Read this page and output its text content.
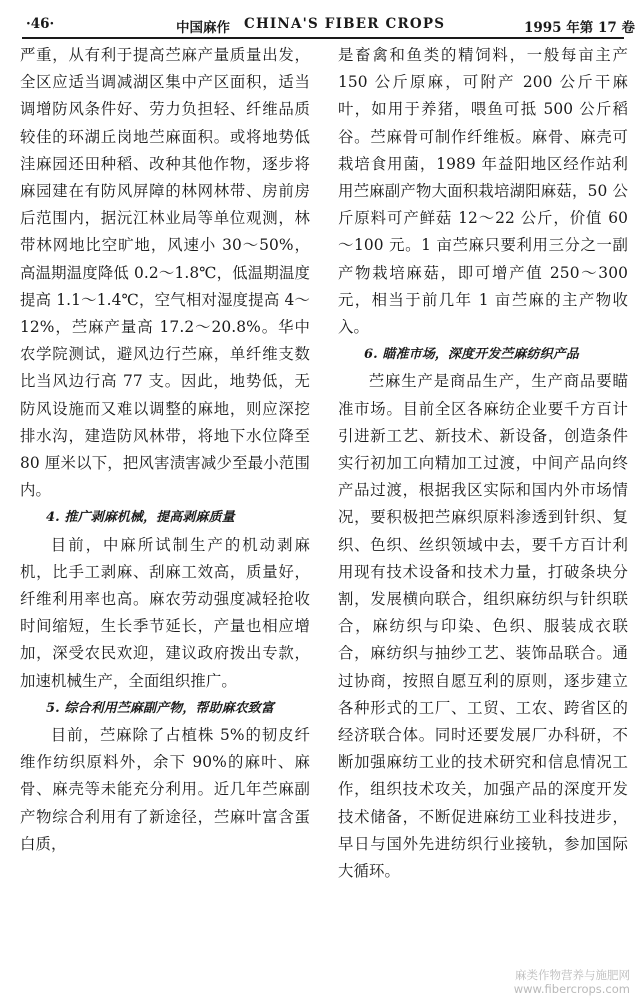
·46·	中国麻作 CHINA'S FIBER CROPS	1995 年第 17 卷

严重，从有利于提高苎麻产量质量出发，全区应适当调减湖区集中产区面积，适当调增防风条件好、劳力负担轻、纤维品质较佳的环湖丘岗地苎麻面积。或将地势低洼麻园还田种稻、改种其他作物，逐步将麻园建在有防风屏障的林网林带、房前房后范围内，据沅江林业局等单位观测，林带林网地比空旷地，风速小 30～50%，高温期温度降低 0.2～1.8℃，低温期温度提高 1.1～1.4℃，空气相对湿度提高 4～12%，苎麻产量高 17.2～20.8%。华中农学院测试，避风边行苎麻，单纤维支数比当风边行高 77 支。因此，地势低，无防风设施而又难以调整的麻地，则应深挖排水沟，建造防风林带，将地下水位降至 80 厘米以下，把风害渍害减少至最小范围内。

4. 推广剥麻机械，提高剥麻质量

目前，中麻所试制生产的机动剥麻机，比手工剥麻、刮麻工效高，质量好，纤维利用率也高。麻农劳动强度减轻抢收时间缩短，生长季节延长，产量也相应增加，深受农民欢迎，建议政府拨出专款，加速机械生产，全面组织推广。

5. 综合利用苎麻副产物，帮助麻农致富

目前，苎麻除了占植株 5%的韧皮纤维作纺织原料外，余下 90%的麻叶、麻骨、麻壳等未能充分利用。近几年苎麻副产物综合利用有了新途径，苎麻叶富含蛋白质，

是畜禽和鱼类的精饲料，一般每亩主产 150 公斤原麻，可附产 200 公斤干麻叶，如用于养猪，喂鱼可抵 500 公斤稻谷。苎麻骨可制作纤维板。麻骨、麻壳可栽培食用菌，1989 年益阳地区经作站利用苎麻副产物大面积栽培湖阳麻菇，50 公斤原料可产鲜菇 12～22 公斤，价值 60～100 元。1 亩苎麻只要利用三分之一副产物栽培麻菇，即可增产值 250～300 元，相当于前几年 1 亩苎麻的主产物收入。

6. 瞄准市场，深度开发苎麻纺织产品

苎麻生产是商品生产，生产商品要瞄准市场。目前全区各麻纺企业要千方百计引进新工艺、新技术、新设备，创造条件实行初加工向精加工过渡，中间产品向终产品过渡，根据我区实际和国内外市场情况，要积极把苎麻织原料渗透到针织、复织、色织、丝织领域中去，要千方百计利用现有技术设备和技术力量，打破条块分割，发展横向联合，组织麻纺织与针织联合，麻纺织与印染、色织、服装成衣联合，麻纺织与抽纱工艺、装饰品联合。通过协商，按照自愿互利的原则，逐步建立各种形式的工厂、工贸、工农、跨省区的经济联合体。同时还要发展厂办科研，不断加强麻纺工业的技术研究和信息情况工作，组织技术攻关，加强产品的深度开发技术储备，不断促进麻纺工业科技进步，早日与国外先进纺织行业接轨，参加国际大循环。

麻类作物营养与施肥网
www.fibercrops.com
